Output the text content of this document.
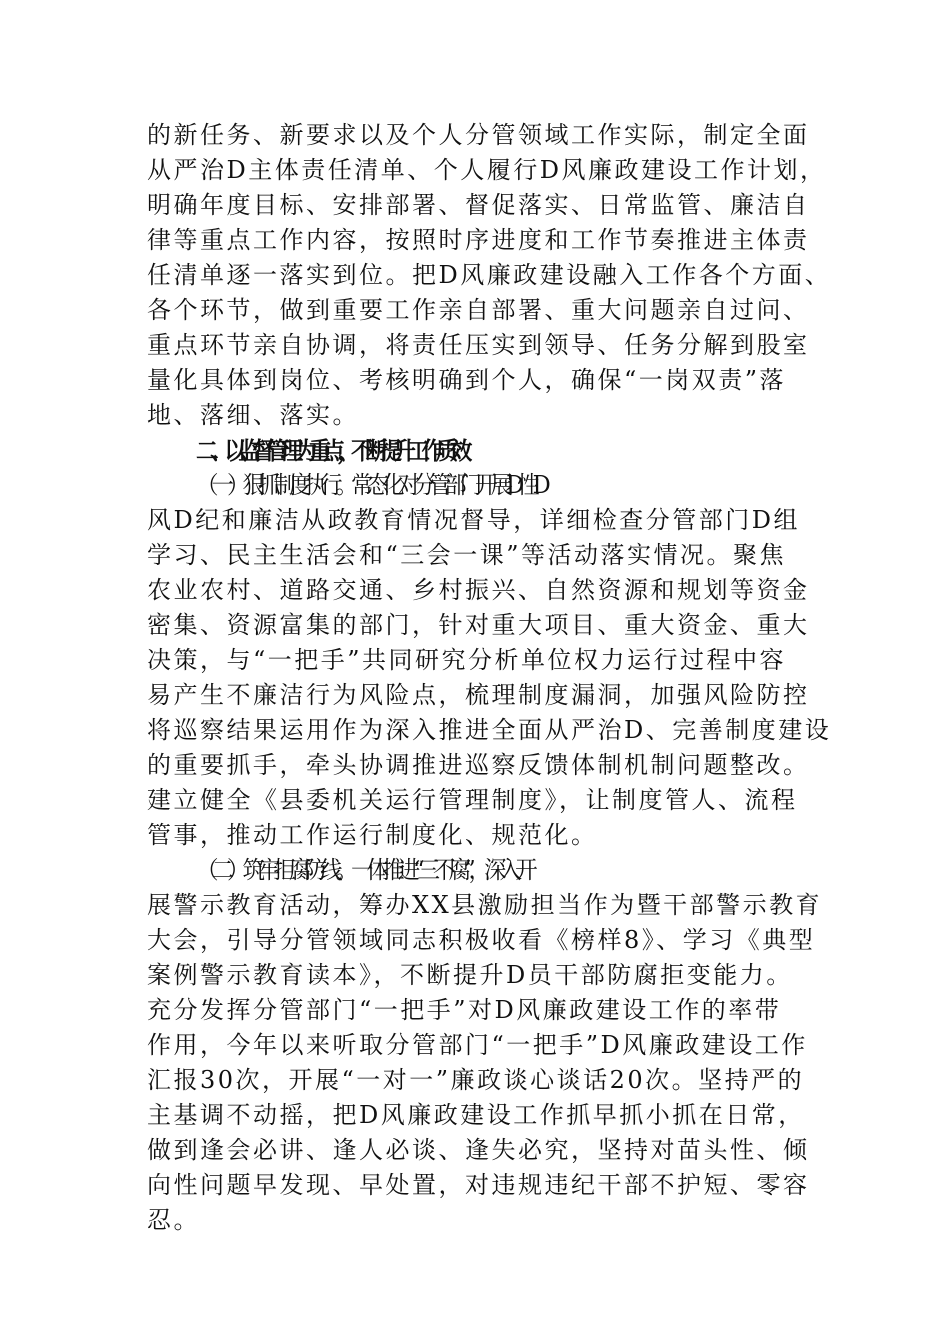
的新任务、新要求以及个人分管领域工作实际，制定全面
从严治D主体责任清单、个人履行D风廉政建设工作计划，
明确年度目标、安排部署、督促落实、日常监管、廉洁自
律等重点工作内容，按照时序进度和工作节奏推进主体责
任清单逐一落实到位。把D风廉政建设融入工作各个方面、
各个环节，做到重要工作亲自部署、重大问题亲自过问、
重点环节亲自协调，将责任压实到领导、任务分解到股室
量化具体到岗位、考核明确到个人，确保“一岗双责”落
地、落细、落实。
二、以监督管理为重点，不断提升工作质效
（一）狠抓制度执行。常态化对分管部门开展D性D
风D纪和廉洁从政教育情况督导，详细检查分管部门D组
学习、民主生活会和“三会一课”等活动落实情况。聚焦
农业农村、道路交通、乡村振兴、自然资源和规划等资金
密集、资源富集的部门，针对重大项目、重大资金、重大
决策，与“一把手”共同研究分析单位权力运行过程中容
易产生不廉洁行为风险点，梳理制度漏洞，加强风险防控
将巡察结果运用作为深入推进全面从严治D、完善制度建设
的重要抓手，牵头协调推进巡察反馈体制机制问题整改。
建立健全《县委机关运行管理制度》，让制度管人、流程
管事，推动工作运行制度化、规范化。
（二）筑牢拒腐防线。一体推进“三不腐”，深入开
展警示教育活动，筹办XX县激励担当作为暨干部警示教育
大会，引导分管领域同志积极收看《榜样8》、学习《典型
案例警示教育读本》，不断提升D员干部防腐拒变能力。
充分发挥分管部门“一把手”对D风廉政建设工作的率带
作用，今年以来听取分管部门“一把手”D风廉政建设工作
汇报30次，开展“一对一”廉政谈心谈话20次。坚持严的
主基调不动摇，把D风廉政建设工作抓早抓小抓在日常，
做到逢会必讲、逢人必谈、逢失必究，坚持对苗头性、倾
向性问题早发现、早处置，对违规违纪干部不护短、零容
忍。
